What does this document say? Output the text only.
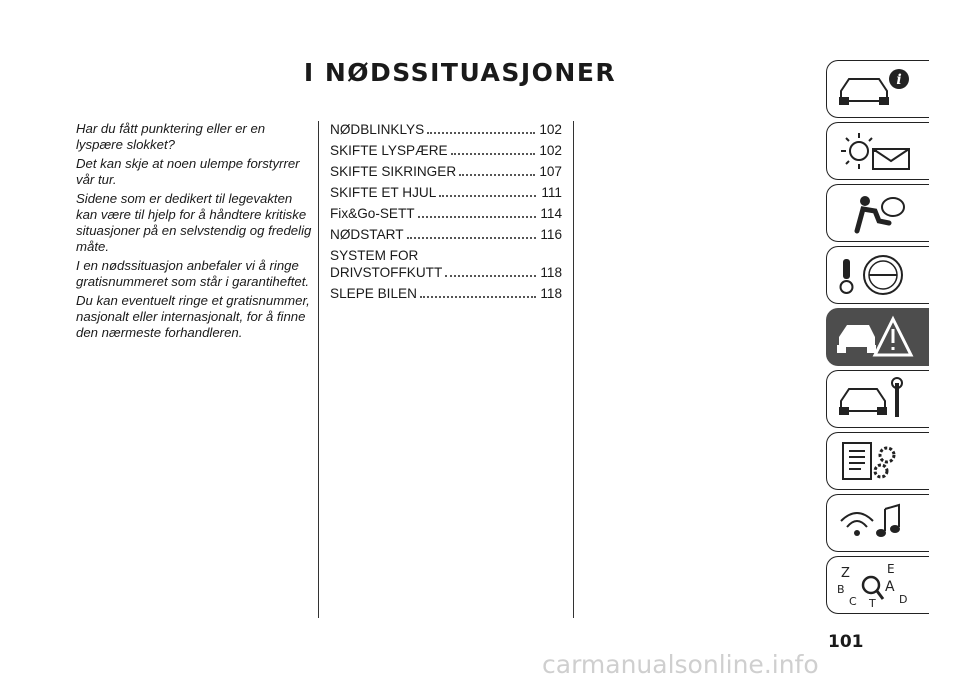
I NØDSSITUASJONER

Har du fått punktering eller er en lyspære slokket?

Det kan skje at noen ulempe forstyrrer vår tur.

Sidene som er dedikert til legevakten kan være til hjelp for å håndtere kritiske situasjoner på en selvstendig og fredelig måte.

I en nødssituasjon anbefaler vi å ringe gratisnummeret som står i garantiheftet.

Du kan eventuelt ringe et gratisnummer, nasjonalt eller internasjonalt, for å finne den nærmeste forhandleren.

NØDBLINKLYS	102
SKIFTE LYSPÆRE	102
SKIFTE SIKRINGER	107
SKIFTE ET HJUL	111
Fix&Go-SETT	114
NØDSTART	116
SYSTEM FOR
DRIVSTOFFKUTT	118
SLEPE BILEN	118
i
Z	E
A
B
D
C T

101

carmanualsonline.info
